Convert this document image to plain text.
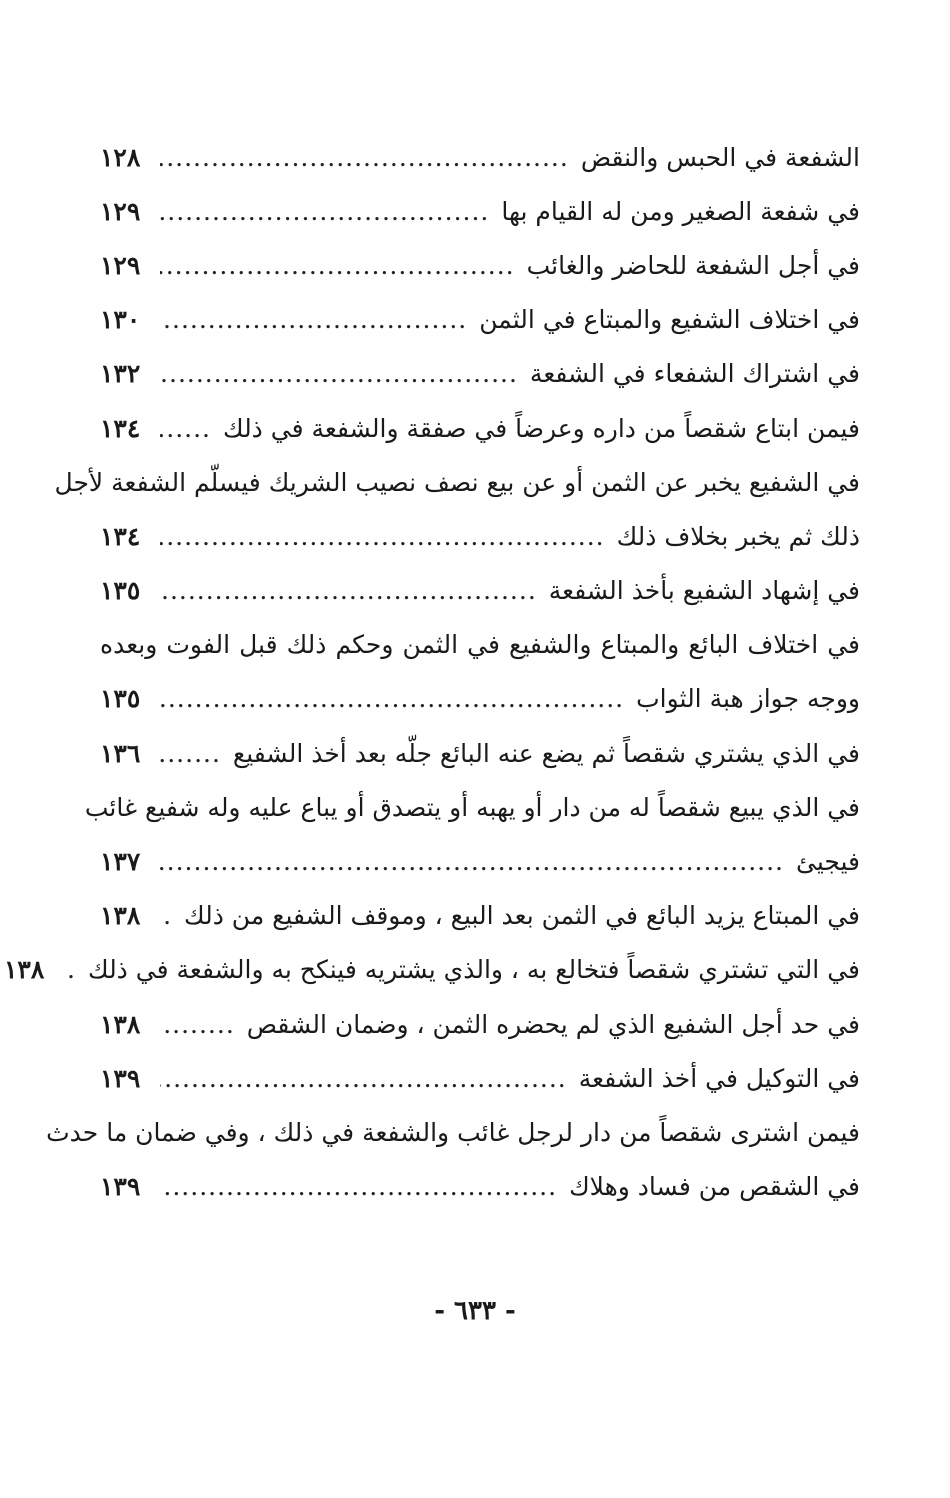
الشفعة في الحبس والنقض
.....
١٢٨
في شفعة الصغير ومن له القيام بها
.....
١٢٩
في أجل الشفعة للحاضر والغائب
.....
١٢٩
في اختلاف الشفيع والمبتاع في الثمن
.....
١٣٠
في اشتراك الشفعاء في الشفعة
.....
١٣٢
فيمن ابتاع شقصاً من داره وعرضاً في صفقة والشفعة في ذلك
.....
١٣٤
في الشفيع يخبر عن الثمن أو عن بيع نصف نصيب الشريك فيسلّم الشفعة لأجل
ذلك ثم يخبر بخلاف ذلك
.....
١٣٤
في إشهاد الشفيع بأخذ الشفعة
.....
١٣٥
في اختلاف البائع والمبتاع والشفيع في الثمن وحكم ذلك قبل الفوت وبعده
ووجه جواز هبة الثواب
.....
١٣٥
في الذي يشتري شقصاً ثم يضع عنه البائع جلّه بعد أخذ الشفيع
.....
١٣٦
في الذي يبيع شقصاً له من دار أو يهبه أو يتصدق أو يباع عليه وله شفيع غائب
فيجيئ
.....
١٣٧
في المبتاع يزيد البائع في الثمن بعد البيع ، وموقف الشفيع من ذلك
.....
١٣٨
في التي تشتري شقصاً فتخالع به ، والذي يشتريه فينكح به والشفعة في ذلك
.....
١٣٨
في حد أجل الشفيع الذي لم يحضره الثمن ، وضمان الشقص
.....
١٣٨
في التوكيل في أخذ الشفعة
.....
١٣٩
فيمن اشترى شقصاً من دار لرجل غائب والشفعة في ذلك ، وفي ضمان ما حدث
في الشقص من فساد وهلاك
.....
١٣٩
- ٦٣٣ -
